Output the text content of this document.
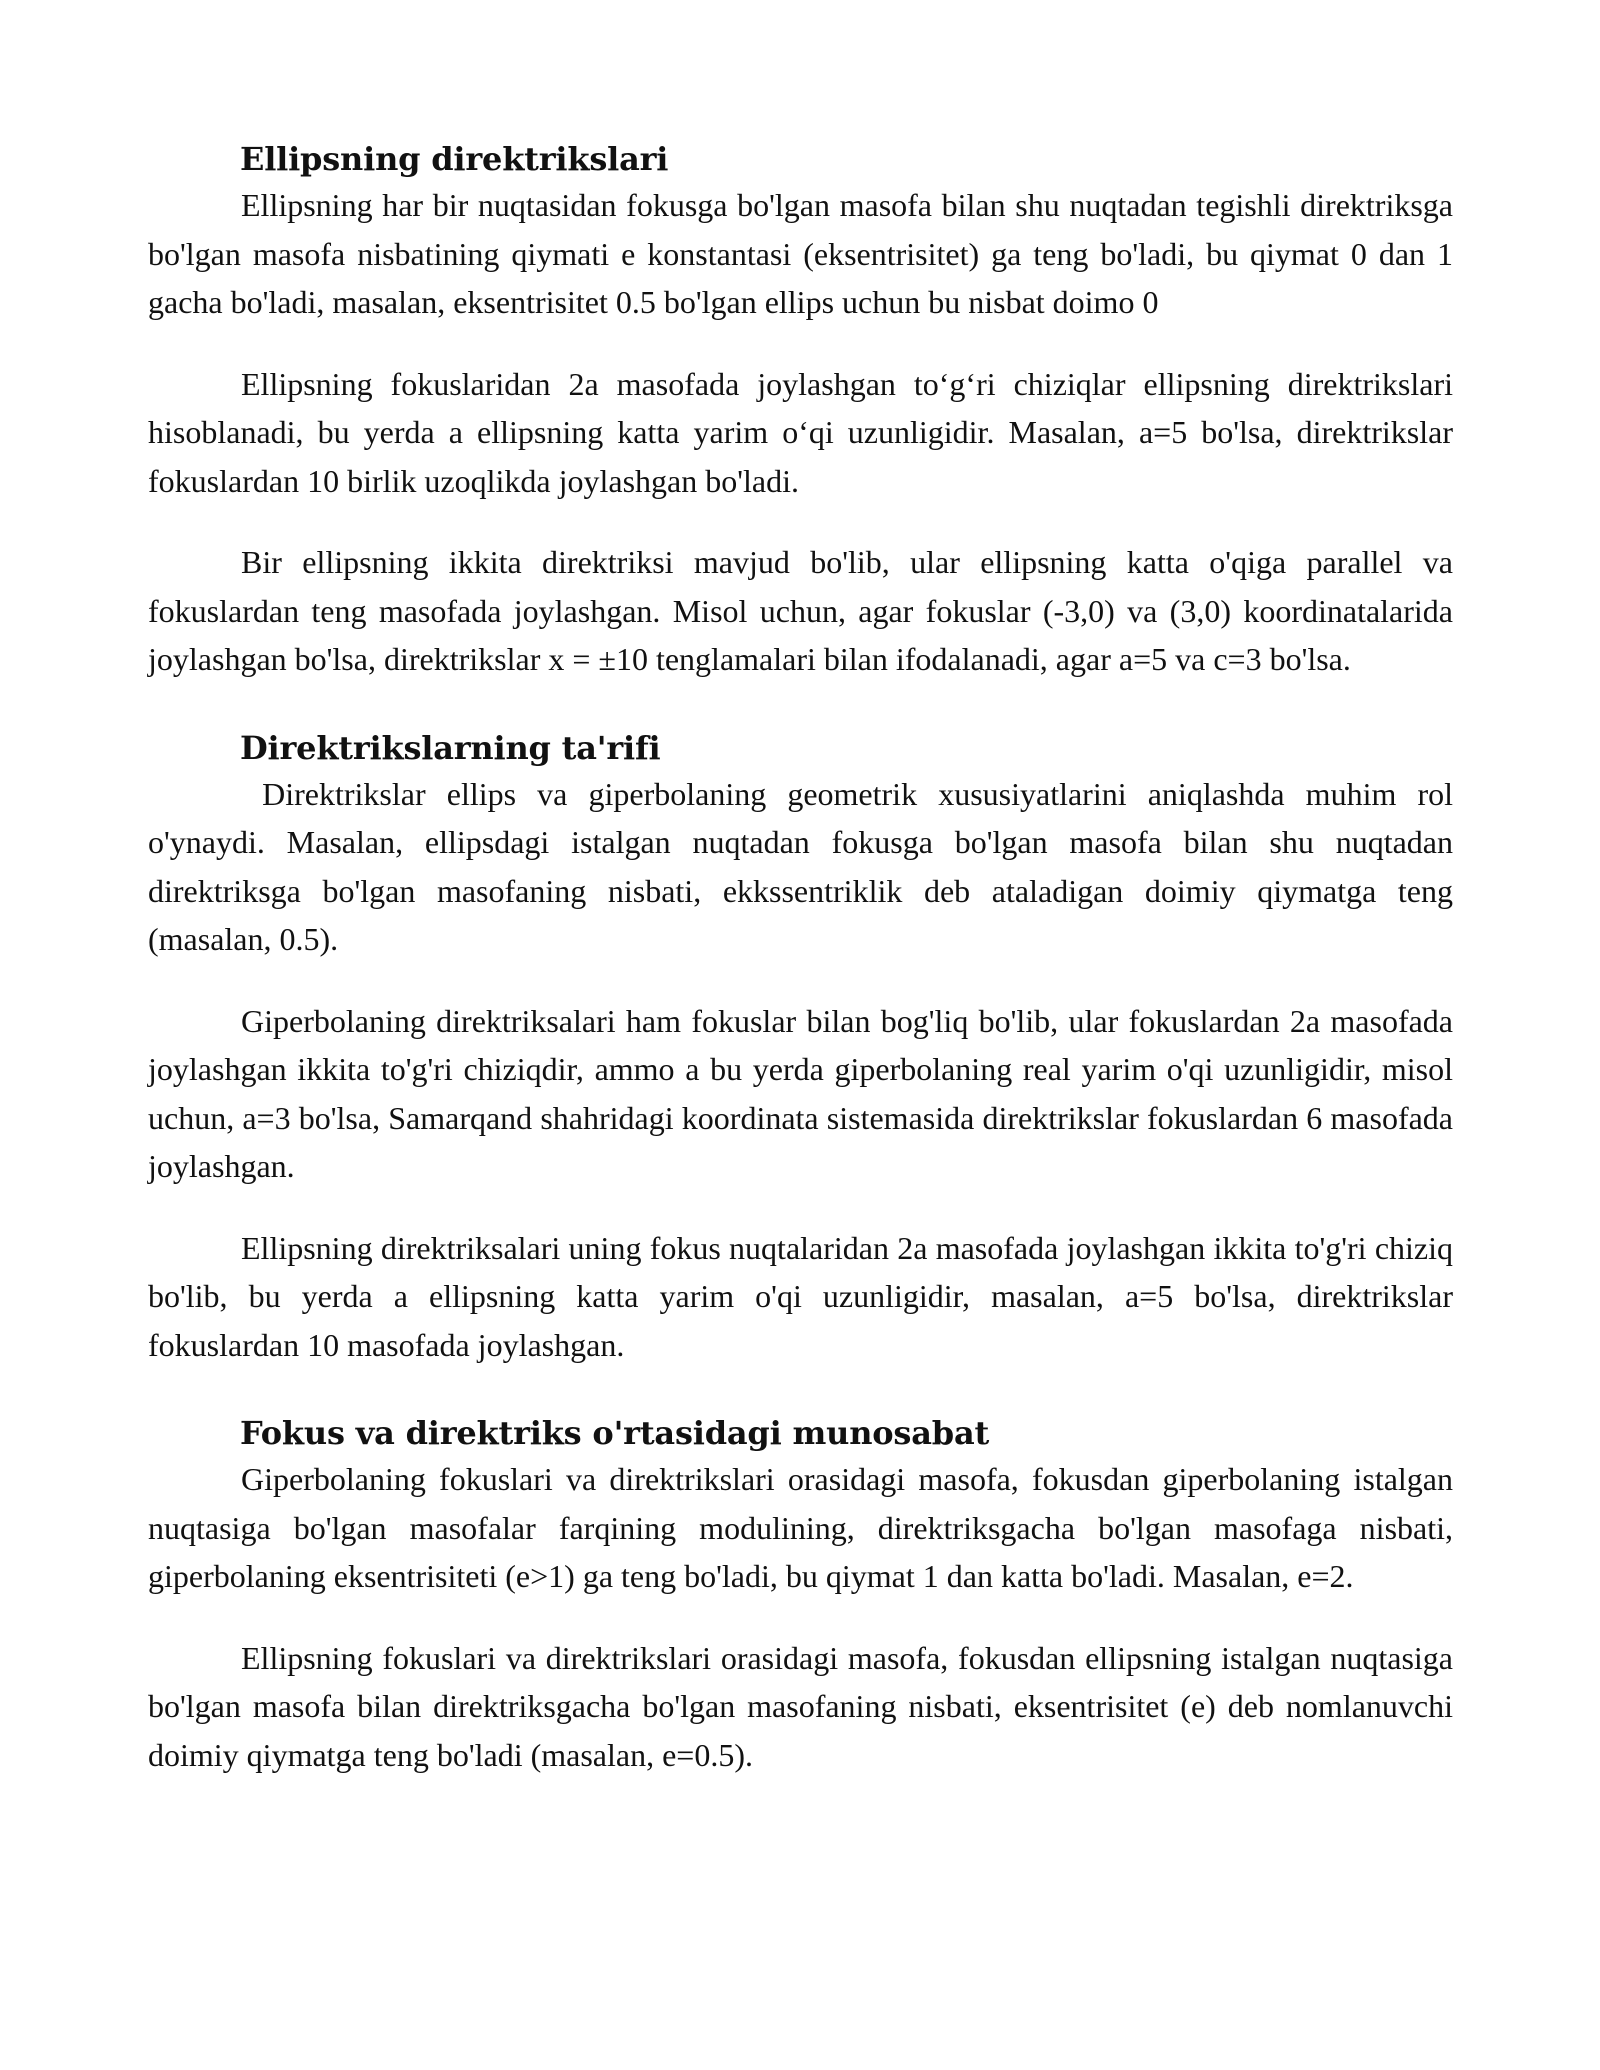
Ellipsning direktrikslari

Ellipsning har bir nuqtasidan fokusga bo'lgan masofa bilan shu nuqtadan tegishli direktriksga bo'lgan masofa nisbatining qiymati e konstantasi (eksentrisitet) ga teng bo'ladi, bu qiymat 0 dan 1 gacha bo'ladi, masalan, eksentrisitet 0.5 bo'lgan ellips uchun bu nisbat doimo 0

Ellipsning fokuslaridan 2a masofada joylashgan to‘g‘ri chiziqlar ellipsning direktrikslari hisoblanadi, bu yerda a ellipsning katta yarim o‘qi uzunligidir. Masalan, a=5 bo'lsa, direktrikslar fokuslardan 10 birlik uzoqlikda joylashgan bo'ladi.

Bir ellipsning ikkita direktriksi mavjud bo'lib, ular ellipsning katta o'qiga parallel va fokuslardan teng masofada joylashgan. Misol uchun, agar fokuslar (-3,0) va (3,0) koordinatalarida joylashgan bo'lsa, direktrikslar x = ±10 tenglamalari bilan ifodalanadi, agar a=5 va c=3 bo'lsa.

Direktrikslarning ta'rifi

Direktrikslar ellips va giperbolaning geometrik xususiyatlarini aniqlashda muhim rol o'ynaydi. Masalan, ellipsdagi istalgan nuqtadan fokusga bo'lgan masofa bilan shu nuqtadan direktriksga bo'lgan masofaning nisbati, ekkssentriklik deb ataladigan doimiy qiymatga teng (masalan, 0.5).

Giperbolaning direktriksalari ham fokuslar bilan bog'liq bo'lib, ular fokuslardan 2a masofada joylashgan ikkita to'g'ri chiziqdir, ammo a bu yerda giperbolaning real yarim o'qi uzunligidir, misol uchun, a=3 bo'lsa, Samarqand shahridagi koordinata sistemasida direktrikslar fokuslardan 6 masofada joylashgan.

Ellipsning direktriksalari uning fokus nuqtalaridan 2a masofada joylashgan ikkita to'g'ri chiziq bo'lib, bu yerda a ellipsning katta yarim o'qi uzunligidir, masalan, a=5 bo'lsa, direktrikslar fokuslardan 10 masofada joylashgan.

Fokus va direktriks o'rtasidagi munosabat

Giperbolaning fokuslari va direktrikslari orasidagi masofa, fokusdan giperbolaning istalgan nuqtasiga bo'lgan masofalar farqining modulining, direktriksgacha bo'lgan masofaga nisbati, giperbolaning eksentrisiteti (e>1) ga teng bo'ladi, bu qiymat 1 dan katta bo'ladi. Masalan, e=2.

Ellipsning fokuslari va direktrikslari orasidagi masofa, fokusdan ellipsning istalgan nuqtasiga bo'lgan masofa bilan direktriksgacha bo'lgan masofaning nisbati, eksentrisitet (e) deb nomlanuvchi doimiy qiymatga teng bo'ladi (masalan, e=0.5).
